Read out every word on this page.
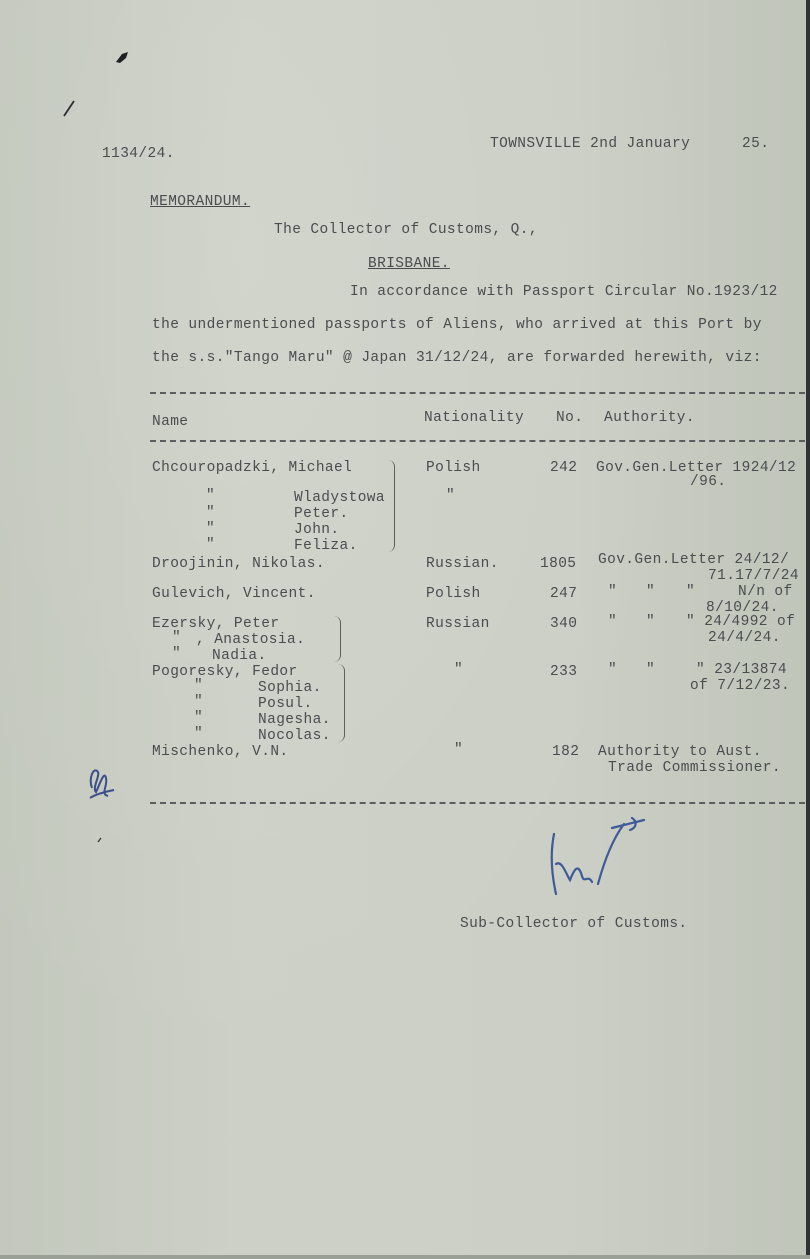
1134/24.
TOWNSVILLE 2nd January	25.
MEMORANDUM.
The Collector of Customs, Q.,
BRISBANE.
In accordance with Passport Circular No.1923/12
the undermentioned passports of Aliens, who arrived at this Port by
the s.s."Tango Maru" @ Japan 31/12/24, are forwarded herewith, viz:
Name	Nationality No. Authority.
Chcouropadzki, Michael	Polish	242 Gov.Gen.Letter 1924/12
/96.
"	Wladystowa	"
"	Peter.
"	John.
"	Feliza.
Droojinin, Nikolas.	Russian.	1805 Gov.Gen.Letter 24/12/
71.17/7/24
Gulevich, Vincent.	Polish	247 " " "	N/n of
8/10/24.
Ezersky, Peter	Russian	340 " " " 24/4992 of
24/4/24.
" , Anastosia.
" Nadia.
Pogoresky, Fedor	"	233 " "	" 23/13874
of 7/12/23.
"	Sophia.
"	Posul.
"	Nagesha.
"	Nocolas.
Mischenko, V.N.	"	182 Authority to Aust.
Trade Commissioner.
Sub-Collector of Customs.
